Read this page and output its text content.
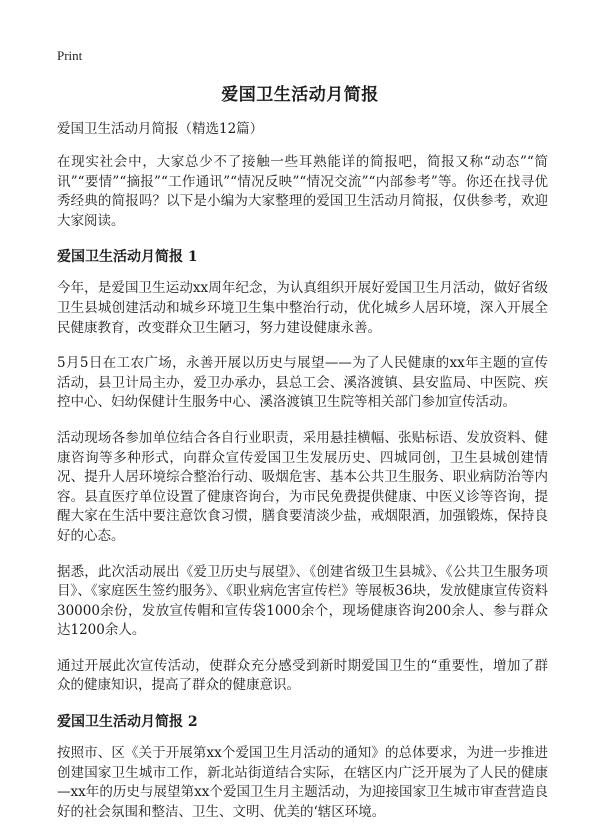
Print

爱国卫生活动月简报

爱国卫生活动月简报（精选12篇）

在现实社会中，大家总少不了接触一些耳熟能详的简报吧，简报又称“动态”“简讯”“要情”“摘报”“工作通讯”“情况反映”“情况交流”“内部参考”等。你还在找寻优秀经典的简报吗？以下是小编为大家整理的爱国卫生活动月简报，仅供参考，欢迎大家阅读。

爱国卫生活动月简报 1

今年，是爱国卫生运动xx周年纪念，为认真组织开展好爱国卫生月活动，做好省级卫生县城创建活动和城乡环境卫生集中整治行动，优化城乡人居环境，深入开展全民健康教育，改变群众卫生陋习，努力建设健康永善。

5月5日在工农广场，永善开展以历史与展望——为了人民健康的xx年主题的宣传活动，县卫计局主办，爱卫办承办，县总工会、溪洛渡镇、县安监局、中医院、疾控中心、妇幼保健计生服务中心、溪洛渡镇卫生院等相关部门参加宣传活动。

活动现场各参加单位结合各自行业职责，采用悬挂横幅、张贴标语、发放资料、健康咨询等多种形式，向群众宣传爱国卫生发展历史、四城同创，卫生县城创建情况、提升人居环境综合整治行动、吸烟危害、基本公共卫生服务、职业病防治等内容。县直医疗单位设置了健康咨询台，为市民免费提供健康、中医义诊等咨询，提醒大家在生活中要注意饮食习惯，膳食要清淡少盐，戒烟限酒，加强锻炼，保持良好的心态。

据悉，此次活动展出《爱卫历史与展望》、《创建省级卫生县城》、《公共卫生服务项目》、《家庭医生签约服务》、《职业病危害宣传栏》等展板36块，发放健康宣传资料30000余份，发放宣传帽和宣传袋1000余个，现场健康咨询200余人、参与群众达1200余人。

通过开展此次宣传活动，使群众充分感受到新时期爱国卫生的“重要性，增加了群众的健康知识，提高了群众的健康意识。

爱国卫生活动月简报 2

按照市、区《关于开展第xx个爱国卫生月活动的通知》的总体要求，为进一步推进创建国家卫生城市工作，新北站街道结合实际，在辖区内广泛开展为了人民的健康—xx年的历史与展望第xx个爱国卫生月主题活动，为迎接国家卫生城市审查营造良好的社会氛围和整洁、卫生、文明、优美的‘辖区环境。
